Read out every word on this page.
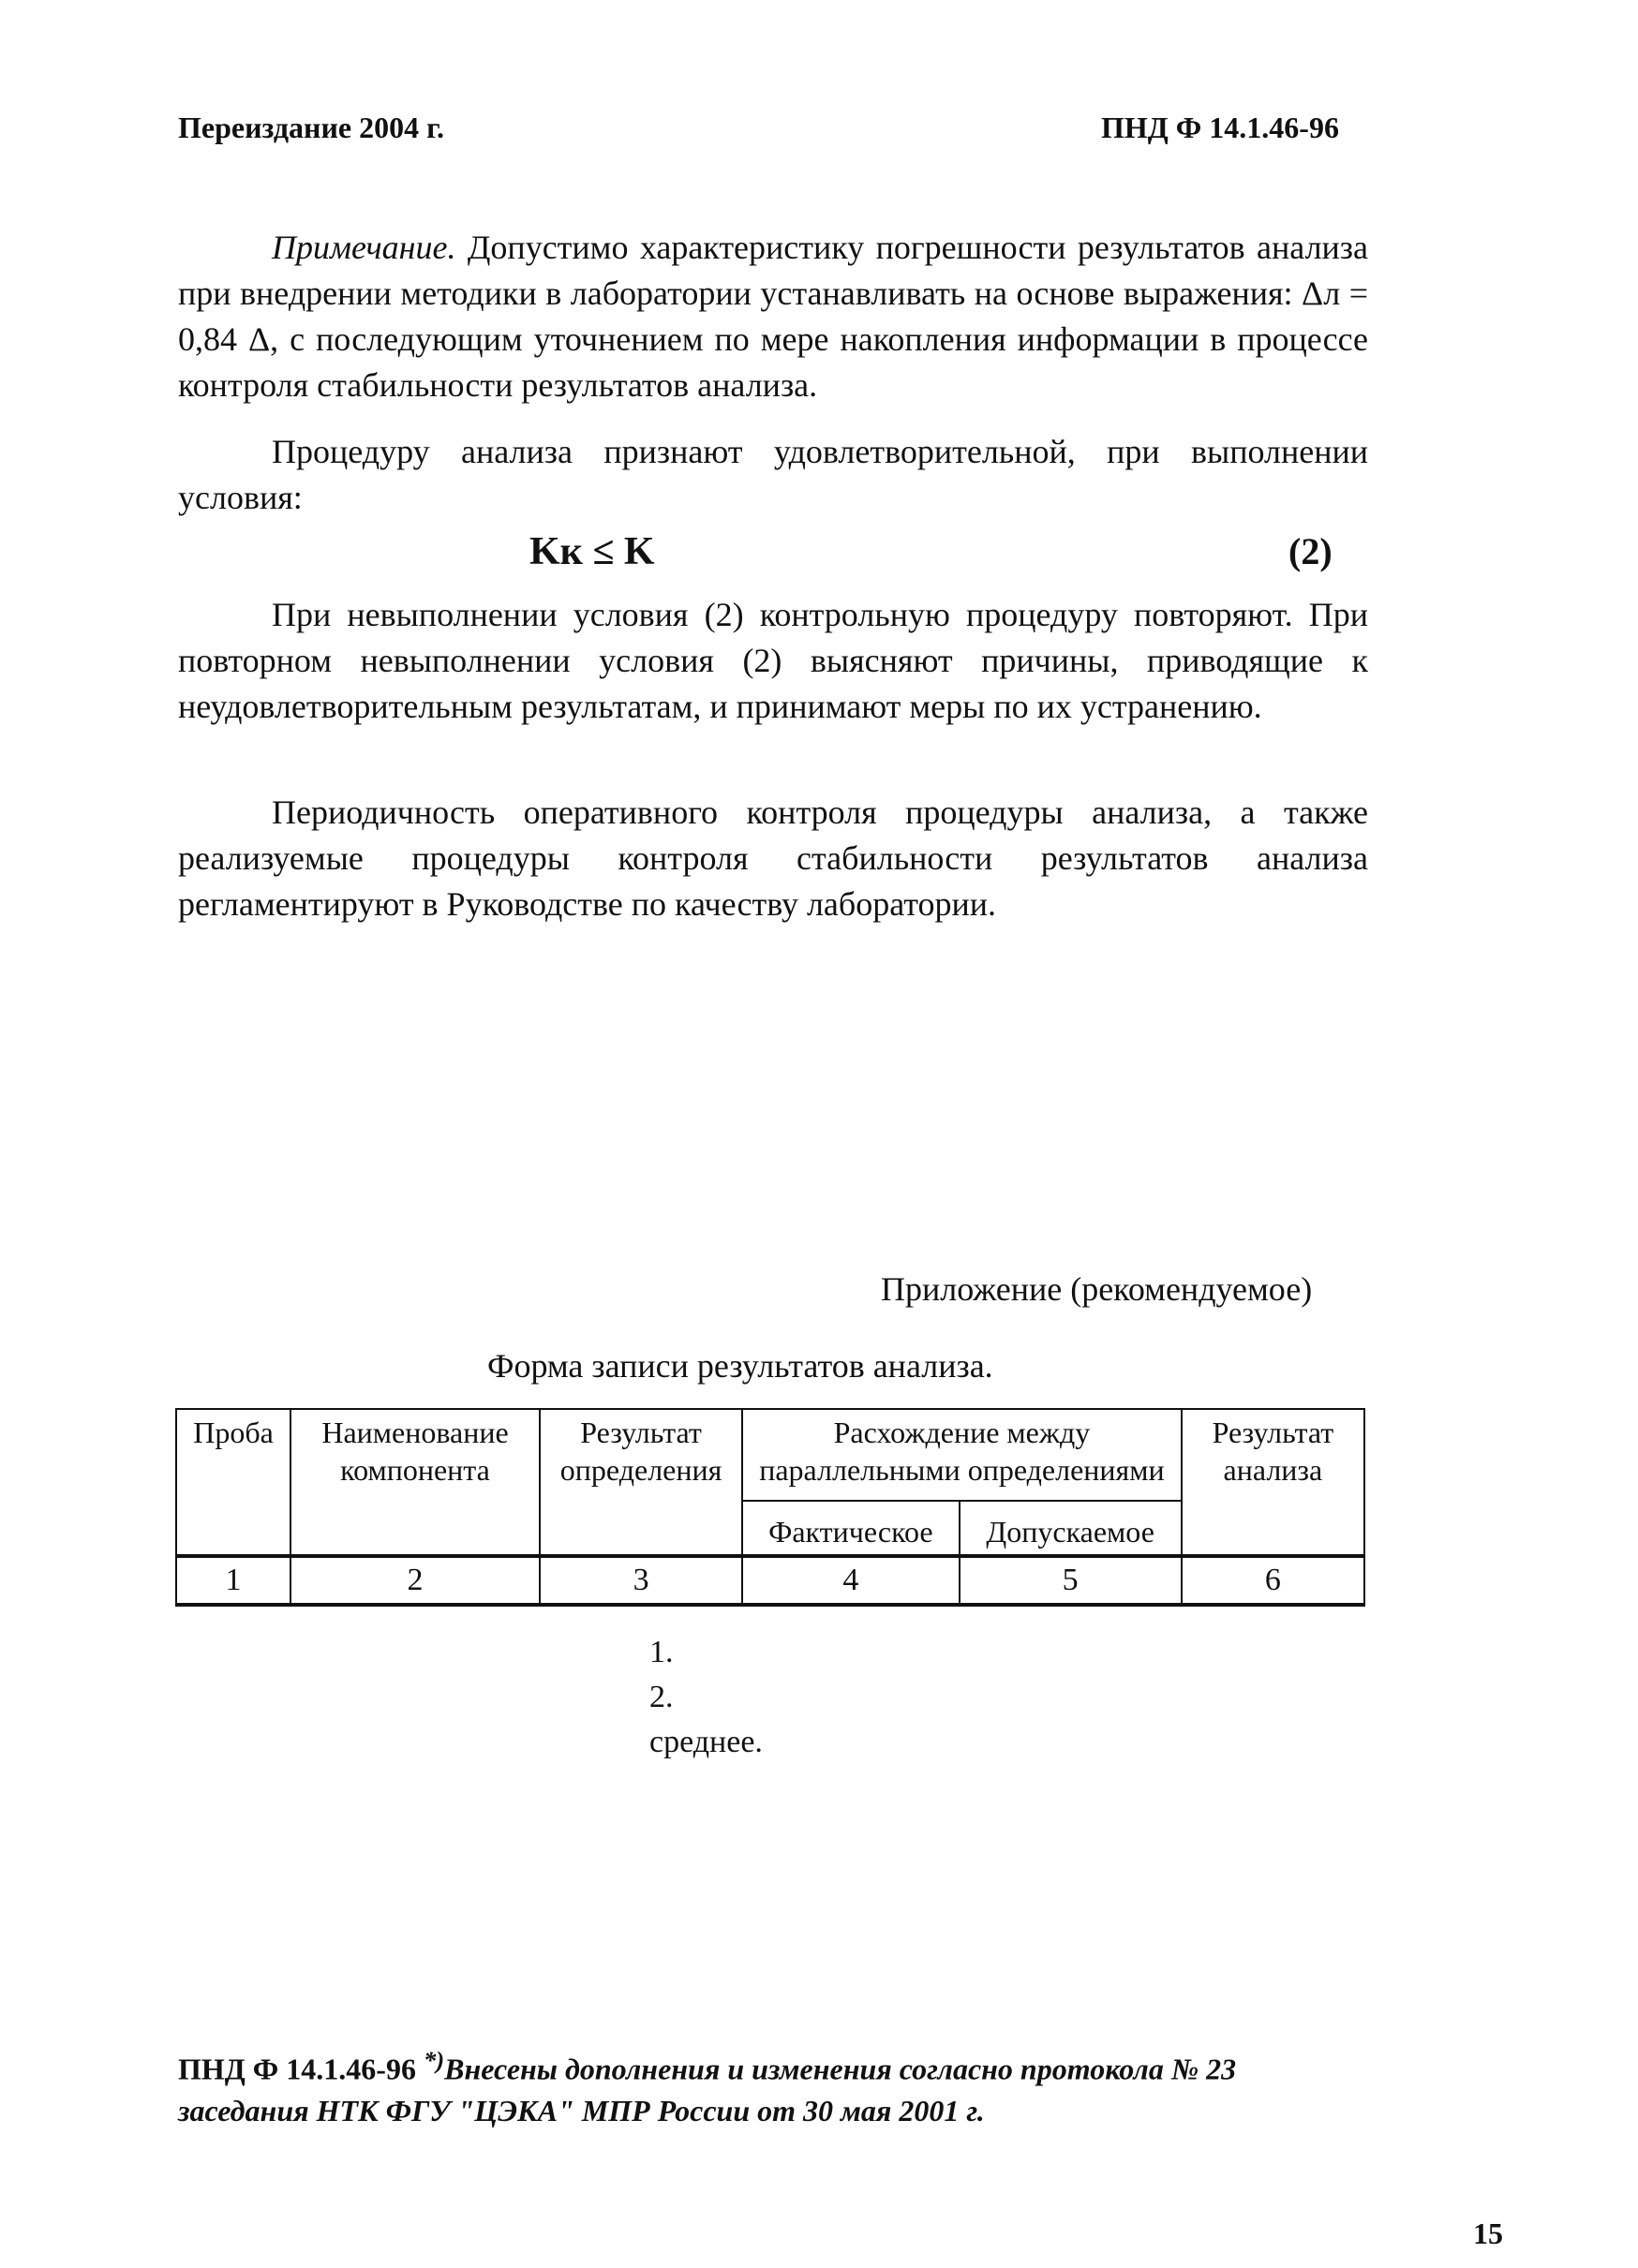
Переиздание 2004 г.	ПНД Ф 14.1.46-96
Примечание. Допустимо характеристику погрешности результатов анализа при внедрении методики в лаборатории устанавливать на основе выражения: Δл = 0,84 Δ, с последующим уточнением по мере накопления информации в процессе контроля стабильности результатов анализа.
Процедуру анализа признают удовлетворительной, при выполнении условия:
Kк ≤ K	(2)
При невыполнении условия (2) контрольную процедуру повторяют. При повторном невыполнении условия (2) выясняют причины, приводящие к неудовлетворительным результатам, и принимают меры по их устранению.
Периодичность оперативного контроля процедуры анализа, а также реализуемые процедуры контроля стабильности результатов анализа регламентируют в Руководстве по качеству лаборатории.
Приложение (рекомендуемое)
Форма записи результатов анализа.
Проба	Наименование компонента	Результат определения	Расхождение между параллельными определениями		Результат анализа
			Фактическое	Допускаемое	
1	2	3	4	5	6
1.
2.
среднее.
ПНД Ф 14.1.46-96 *)Внесены дополнения и изменения согласно протокола № 23 заседания НТК ФГУ "ЦЭКА" МПР России от 30 мая 2001 г.
15
